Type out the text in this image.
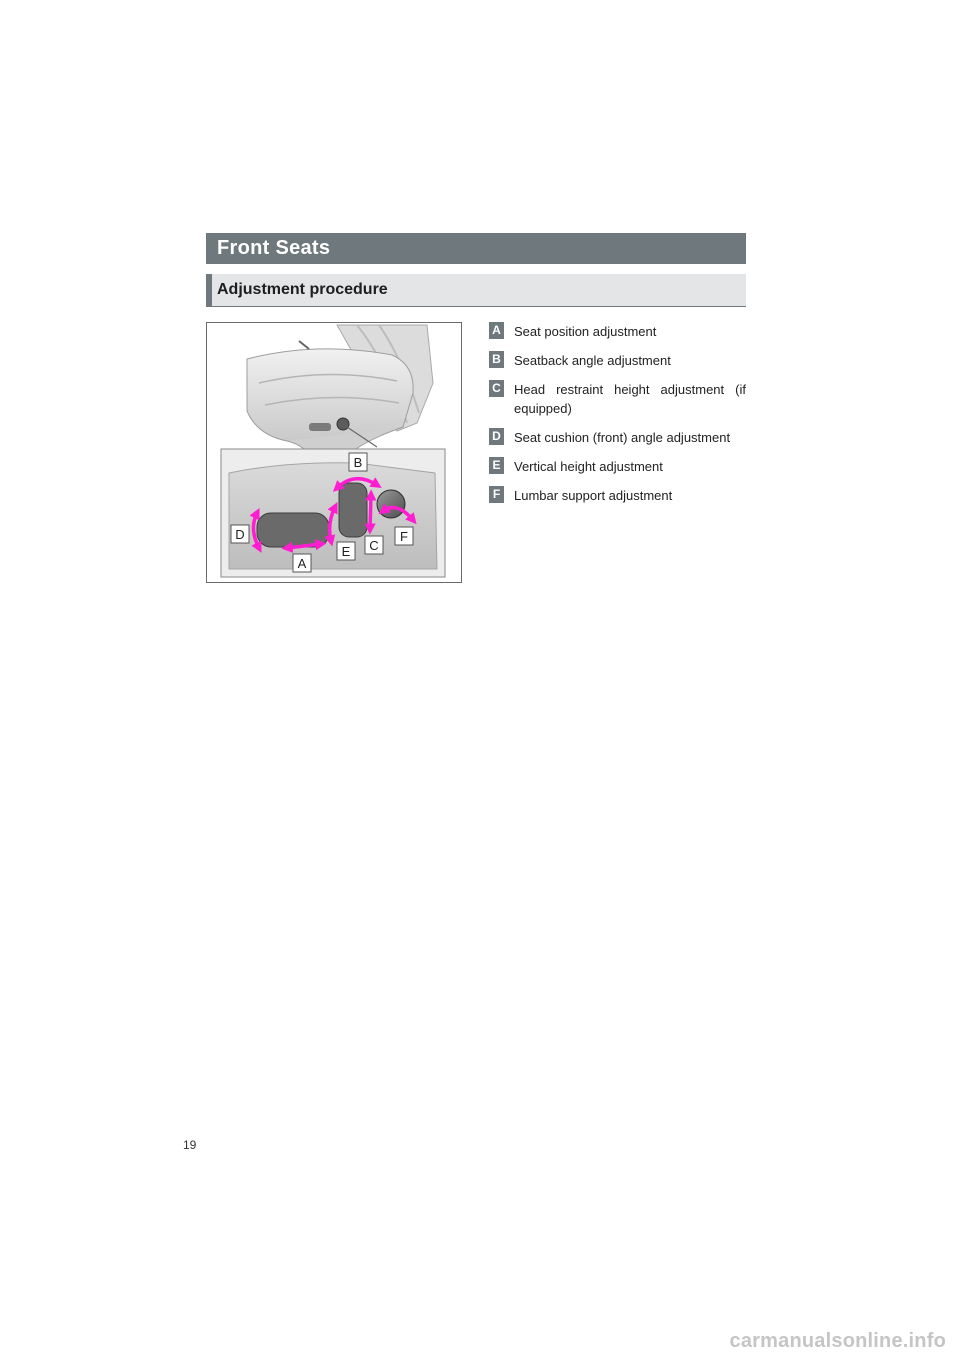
Front Seats
Adjustment procedure
B
D
C
F
E
A
A Seat position adjustment
B Seatback angle adjustment
C Head restraint height adjustment (if equipped)
D Seat cushion (front) angle adjustment
E Vertical height adjustment
F Lumbar support adjustment
19
carmanualsonline.info
